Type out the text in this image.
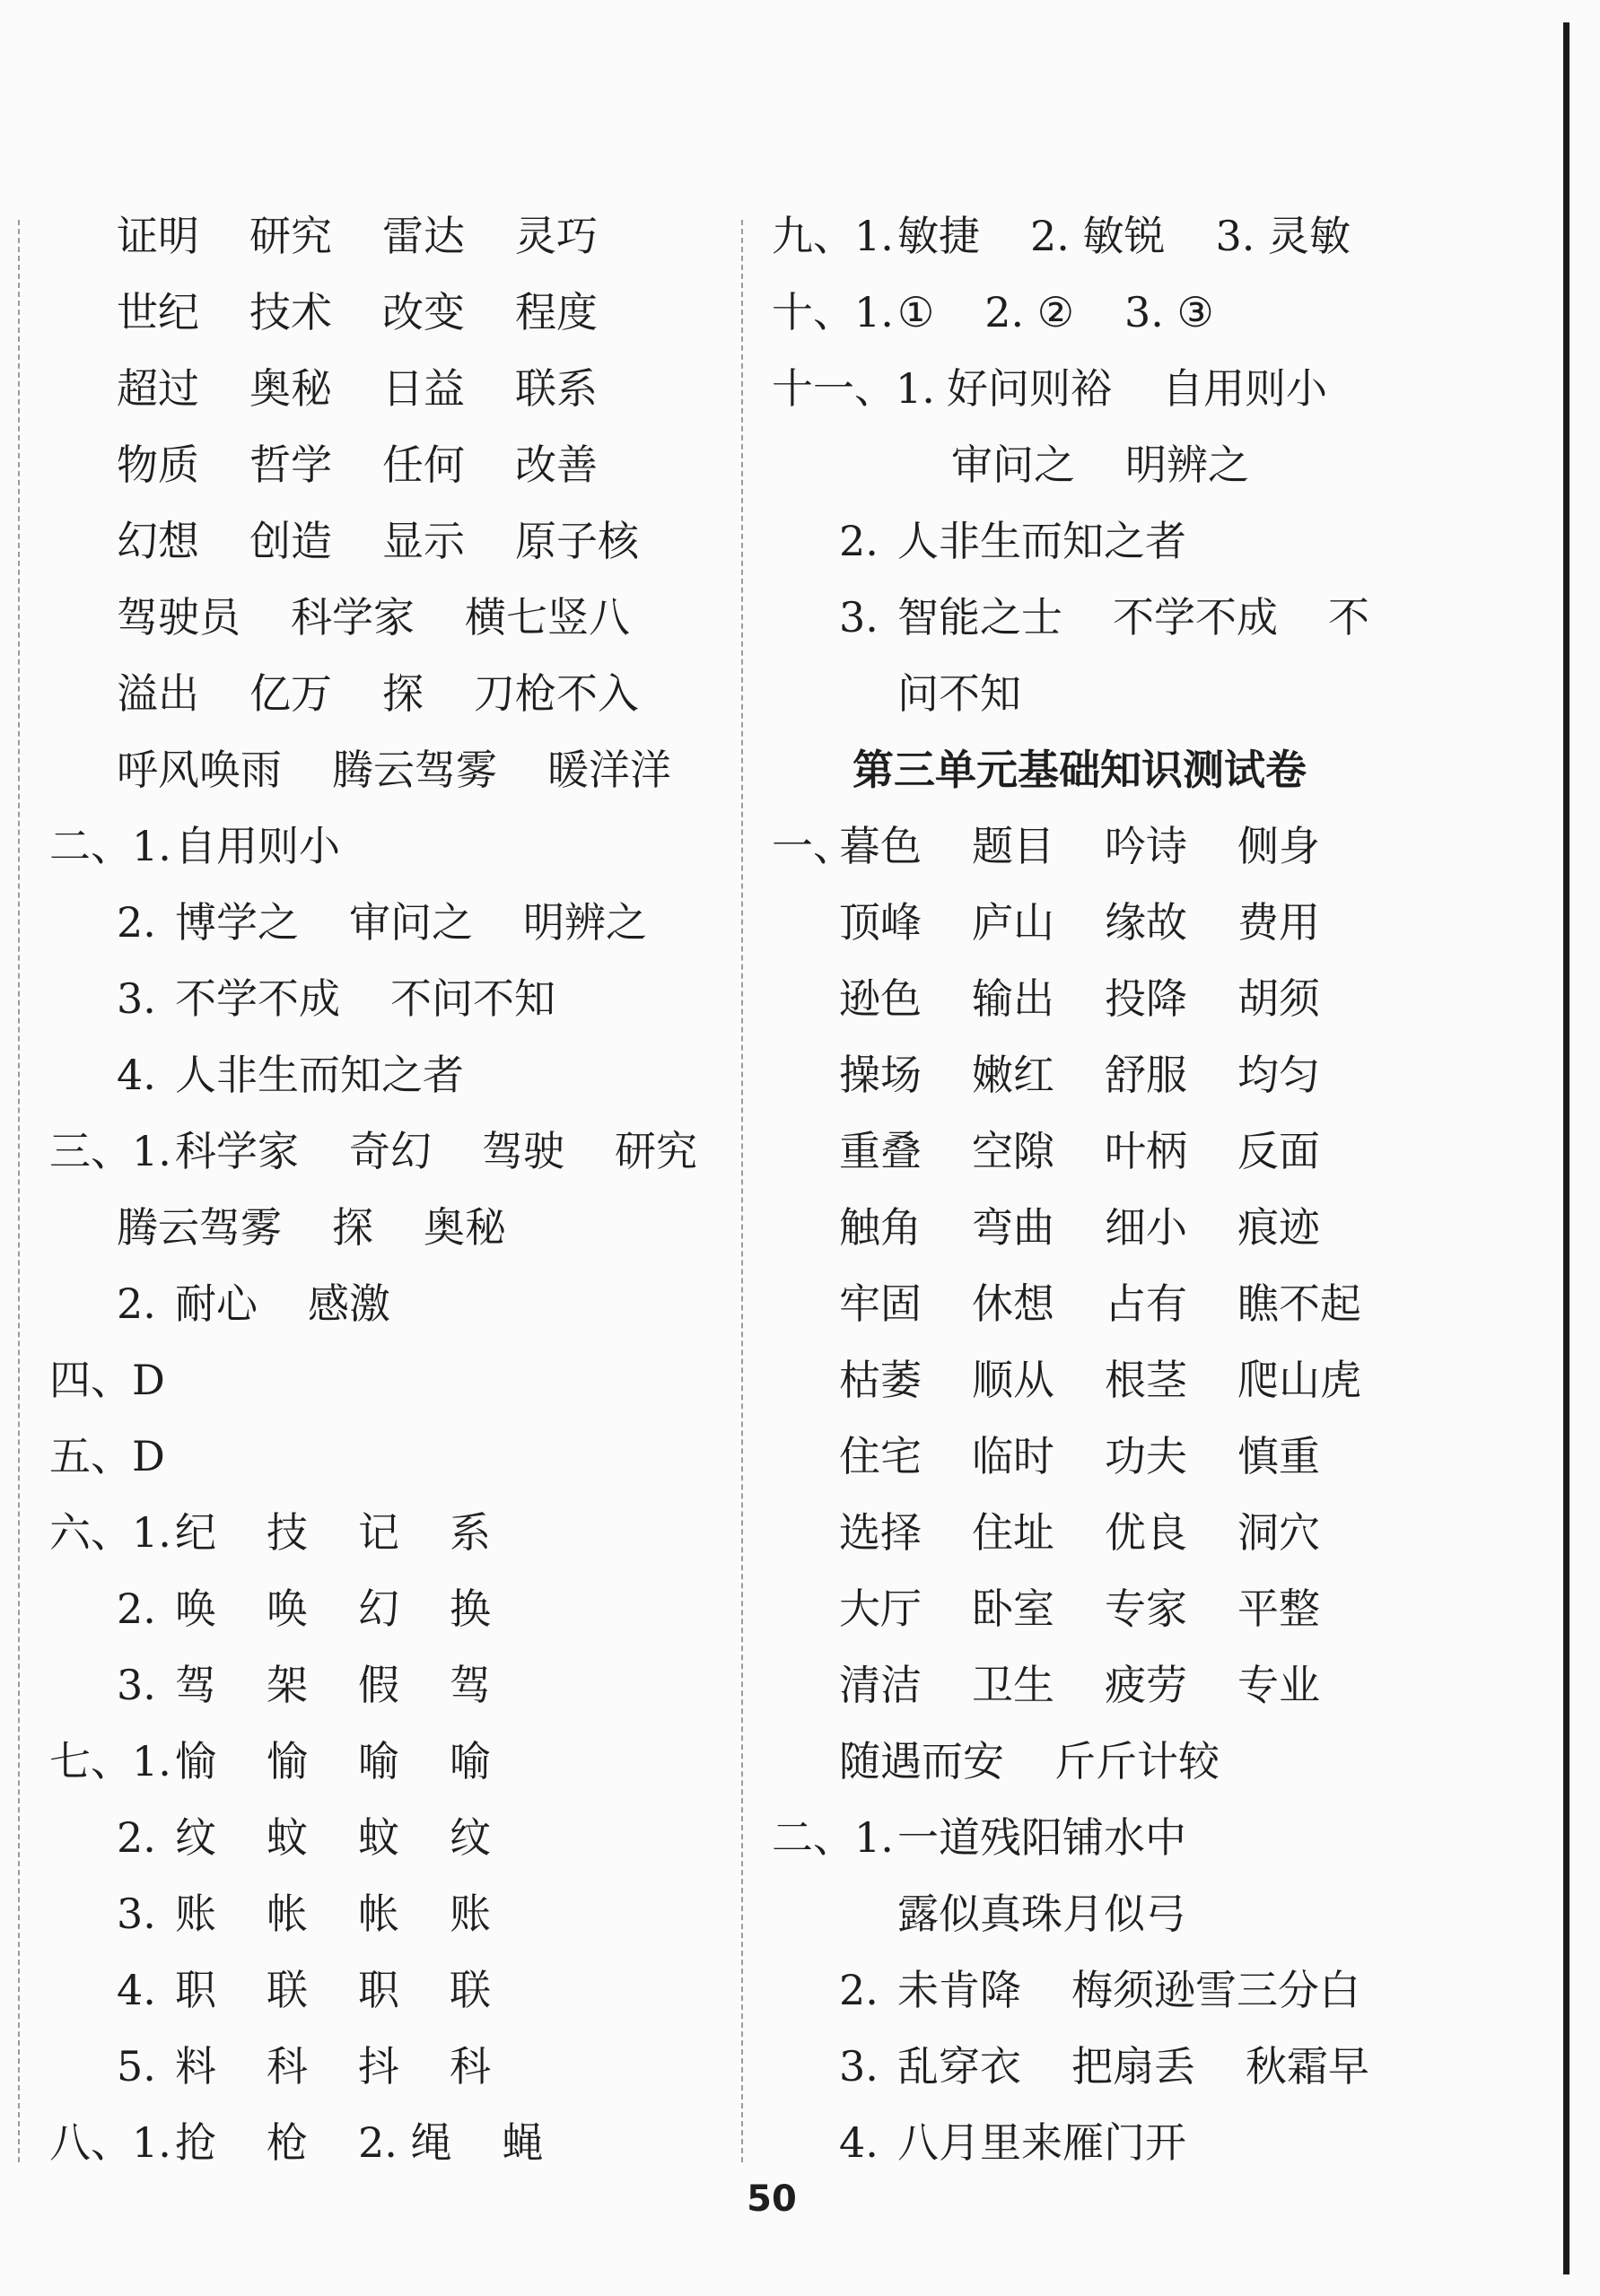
证明 研究 雷达 灵巧
世纪 技术 改变 程度
超过 奥秘 日益 联系
物质 哲学 任何 改善
幻想 创造 显示 原子核
驾驶员 科学家 横七竖八
溢出 亿万 探 刀枪不入
呼风唤雨 腾云驾雾 暖洋洋
二、1. 自用则小
2. 博学之 审问之 明辨之
3. 不学不成 不问不知
4. 人非生而知之者
三、1. 科学家 奇幻 驾驶 研究
腾云驾雾 探 奥秘
2. 耐心 感激
四、D
五、D
六、1. 纪 技 记 系
2. 唤 唤 幻 换
3. 驾 架 假 驾
七、1. 愉 愉 喻 喻
2. 纹 蚊 蚊 纹
3. 账 帐 帐 账
4. 职 联 职 联
5. 料 科 抖 科
八、1. 抢 枪 2. 绳 蝇
九、1. 敏捷 2. 敏锐 3. 灵敏
十、1. ① 2. ② 3. ③
十一、1. 好问则裕 自用则小
审问之 明辨之
2. 人非生而知之者
3. 智能之士 不学不成 不
问不知
一、
暮色 题目 吟诗 侧身
顶峰 庐山 缘故 费用
逊色 输出 投降 胡须
操场 嫩红 舒服 均匀
重叠 空隙 叶柄 反面
触角 弯曲 细小 痕迹
牢固 休想 占有 瞧不起
枯萎 顺从 根茎 爬山虎
住宅 临时 功夫 慎重
选择 住址 优良 洞穴
大厅 卧室 专家 平整
清洁 卫生 疲劳 专业
随遇而安 斤斤计较
二、1. 一道残阳铺水中
露似真珠月似弓
2. 未肯降 梅须逊雪三分白
3. 乱穿衣 把扇丢 秋霜早
4. 八月里来雁门开
第三单元基础知识测试卷
50
